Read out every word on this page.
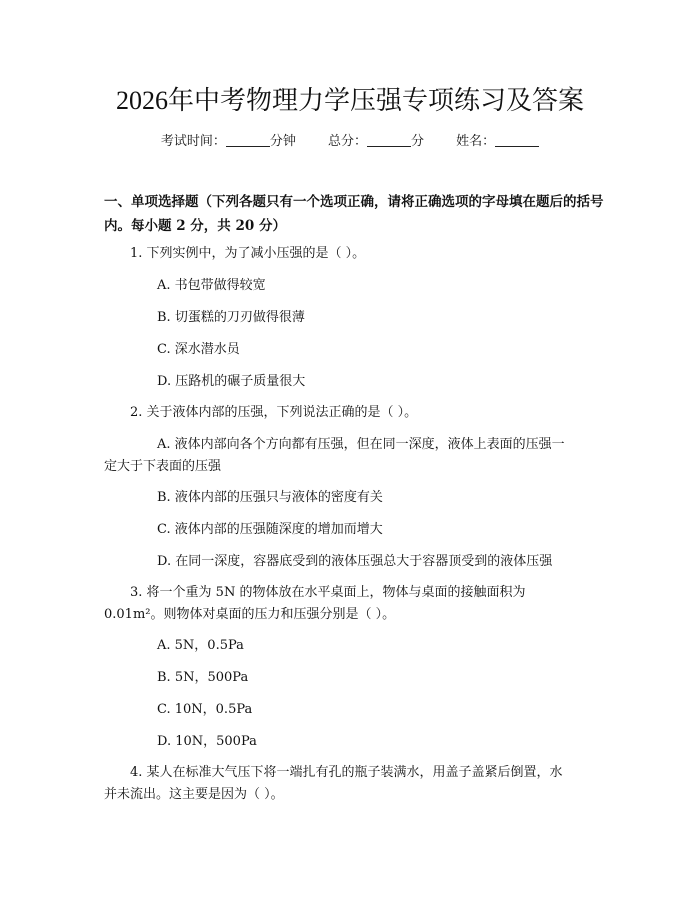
2026年中考物理力学压强专项练习及答案
考试时间：	分钟 总分：	分 姓名：
一、单项选择题（下列各题只有一个选项正确，请将正确选项的字母填在题后的括号内。每小题 2 分，共 20 分）
1. 下列实例中，为了减小压强的是（ ）。
A. 书包带做得较宽
B. 切蛋糕的刀刃做得很薄
C. 深水潜水员
D. 压路机的碾子质量很大
2. 关于液体内部的压强，下列说法正确的是（ ）。
A. 液体内部向各个方向都有压强，但在同一深度，液体上表面的压强一
定大于下表面的压强
B. 液体内部的压强只与液体的密度有关
C. 液体内部的压强随深度的增加而增大
D. 在同一深度，容器底受到的液体压强总大于容器顶受到的液体压强
3. 将一个重为 5N 的物体放在水平桌面上，物体与桌面的接触面积为
0.01m²。则物体对桌面的压力和压强分别是（ ）。
A. 5N，0.5Pa
B. 5N，500Pa
C. 10N，0.5Pa
D. 10N，500Pa
4. 某人在标准大气压下将一端扎有孔的瓶子装满水，用盖子盖紧后倒置，水
并未流出。这主要是因为（ ）。
